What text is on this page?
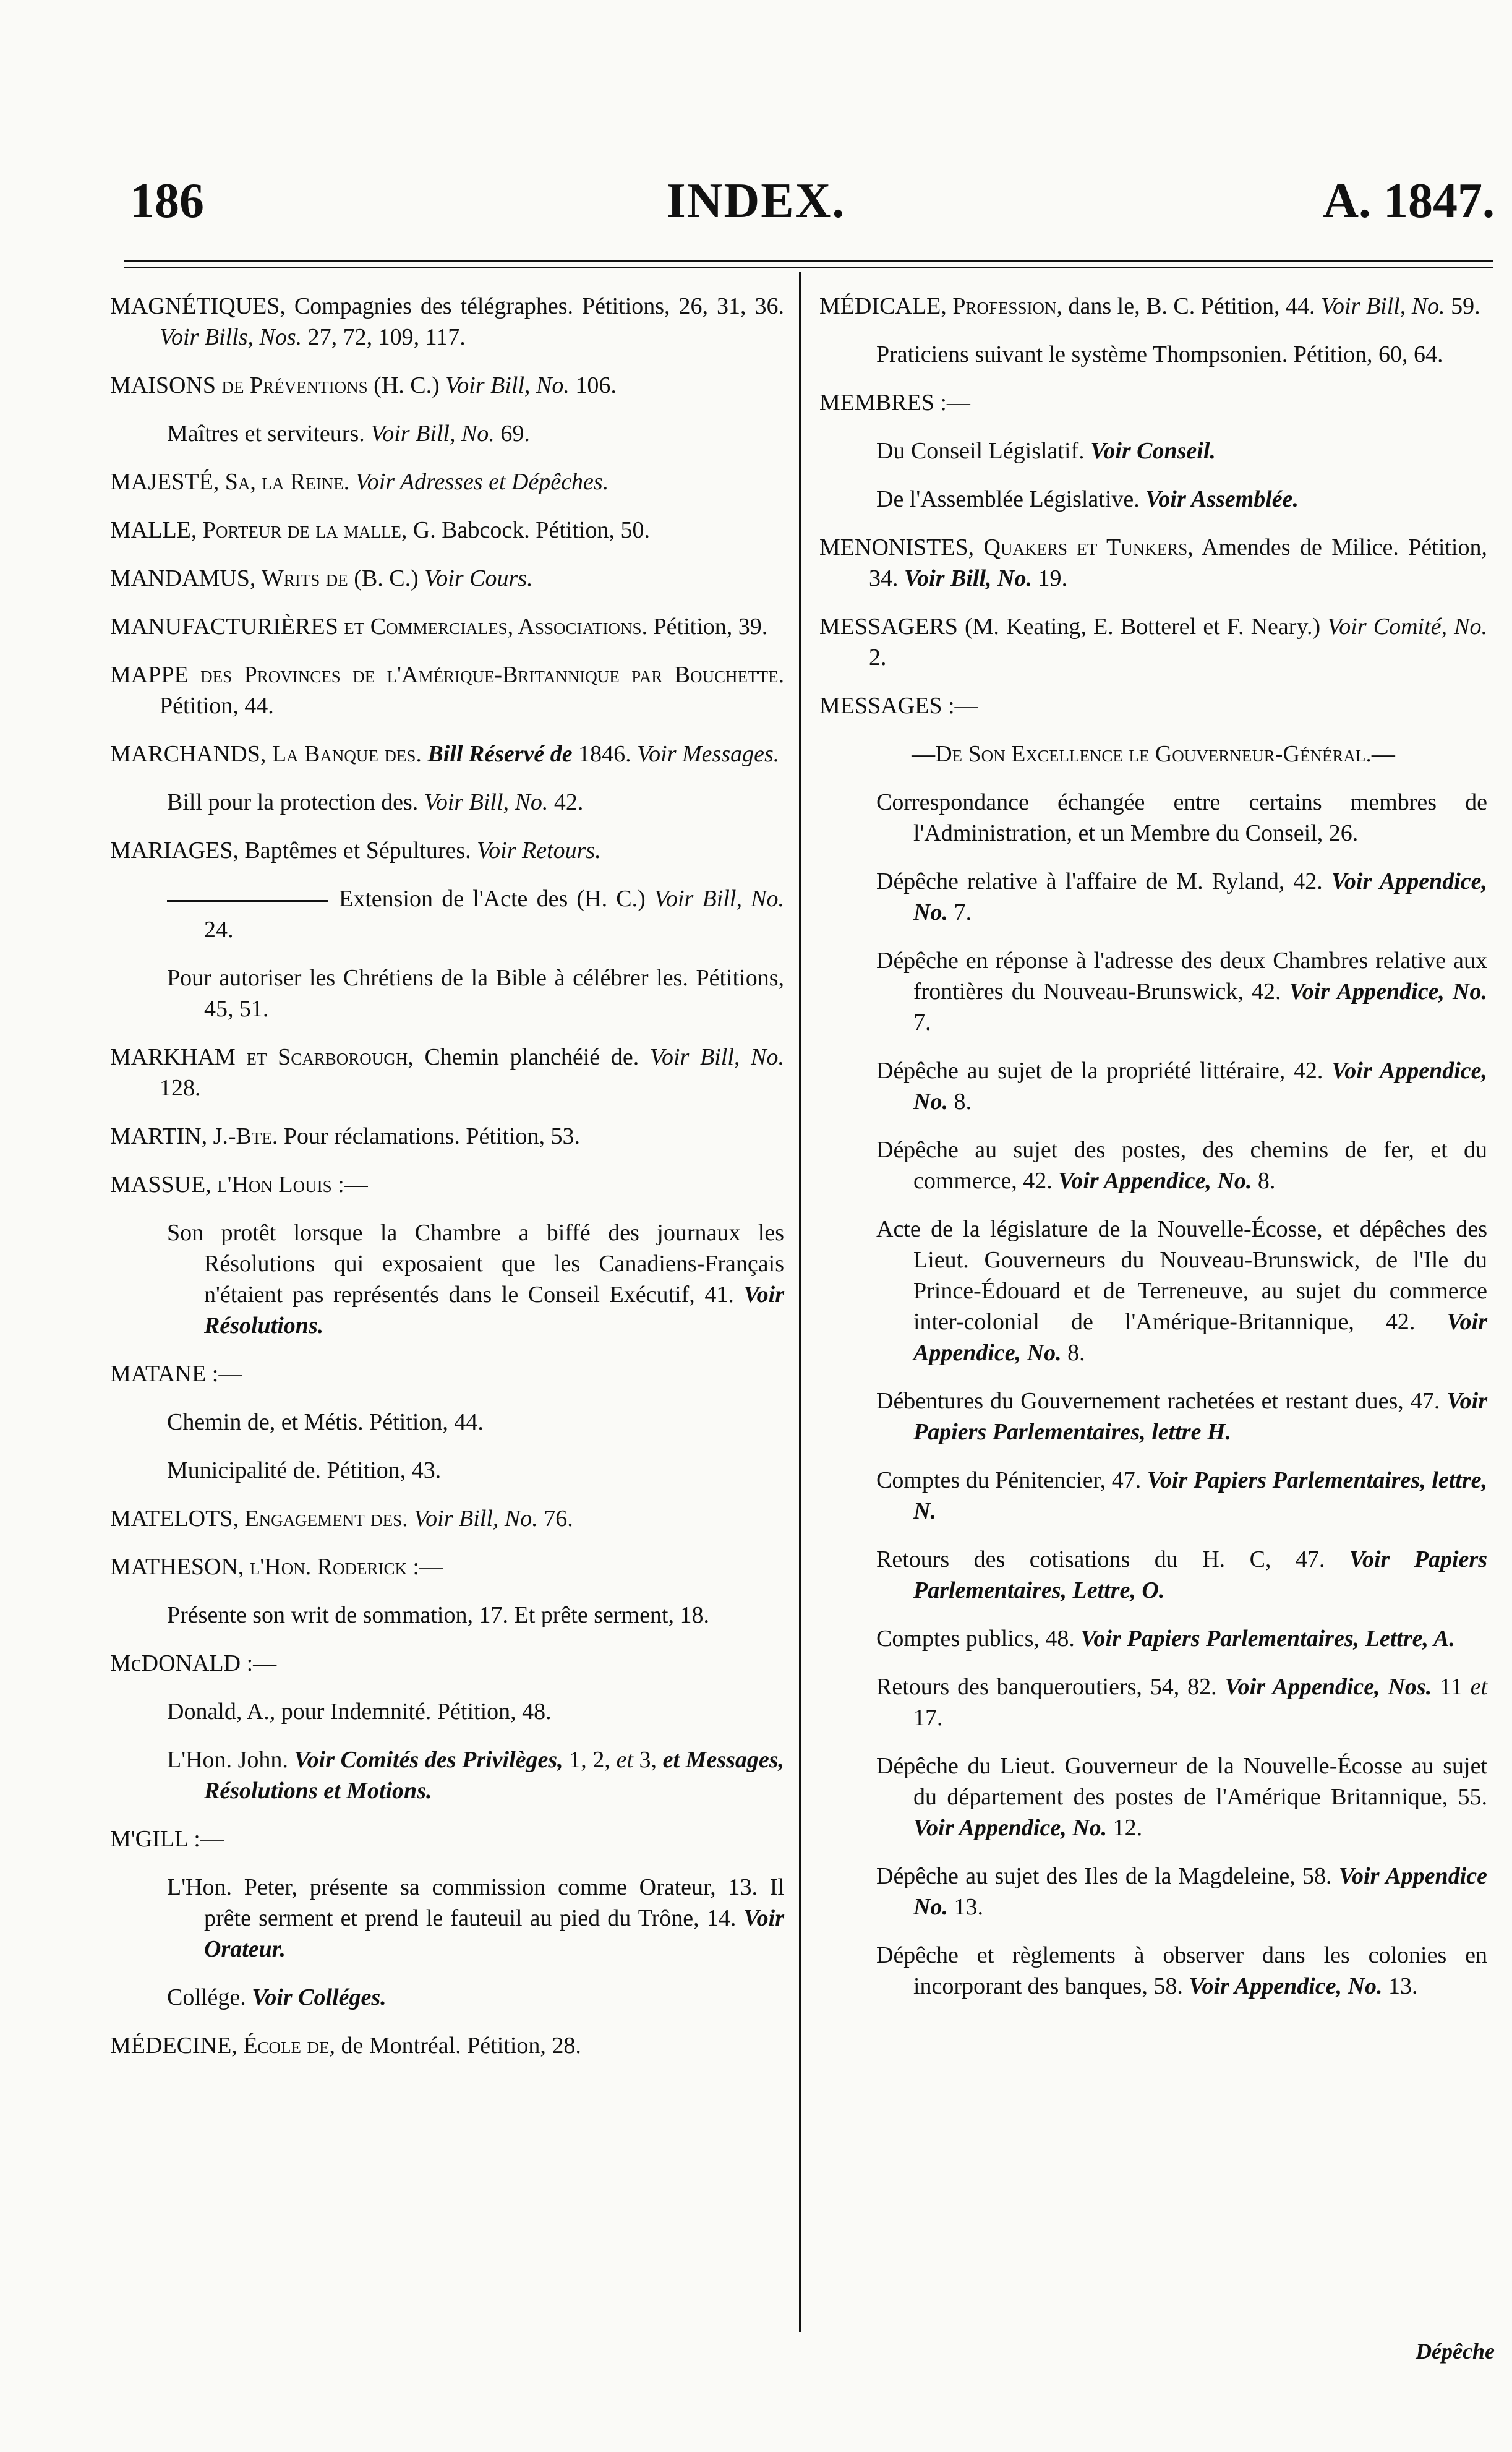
186	INDEX.	A. 1847.

MAGNÉTIQUES, Compagnies des télégraphes. Pétitions, 26, 31, 36. Voir Bills, Nos. 27, 72, 109, 117.

MAISONS de Préventions (H. C.) Voir Bill, No. 106.

Maîtres et serviteurs. Voir Bill, No. 69.

MAJESTÉ, Sa, la Reine. Voir Adresses et Dépêches.

MALLE, Porteur de la malle, G. Babcock. Pétition, 50.

MANDAMUS, Writs de (B. C.) Voir Cours.

MANUFACTURIÈRES et Commerciales, Associations. Pétition, 39.

MAPPE des Provinces de l'Amérique-Britannique par Bouchette. Pétition, 44.

MARCHANDS, La Banque des. Bill Réservé de 1846. Voir Messages.

Bill pour la protection des. Voir Bill, No. 42.

MARIAGES, Baptêmes et Sépultures. Voir Retours.

Extension de l'Acte des (H. C.) Voir Bill, No. 24.

Pour autoriser les Chrétiens de la Bible à célébrer les. Pétitions, 45, 51.

MARKHAM et Scarborough, Chemin planchéié de. Voir Bill, No. 128.

MARTIN, J.-Bte. Pour réclamations. Pétition, 53.

MASSUE, l'Hon Louis :—

Son protêt lorsque la Chambre a biffé des journaux les Résolutions qui exposaient que les Canadiens-Français n'étaient pas représentés dans le Conseil Exécutif, 41. Voir Résolutions.

MATANE :—

Chemin de, et Métis. Pétition, 44.

Municipalité de. Pétition, 43.

MATELOTS, Engagement des. Voir Bill, No. 76.

MATHESON, l'Hon. Roderick :—

Présente son writ de sommation, 17. Et prête serment, 18.

McDONALD :—

Donald, A., pour Indemnité. Pétition, 48.

L'Hon. John. Voir Comités des Privilèges, 1, 2, et 3, et Messages, Résolutions et Motions.

M'GILL :—

L'Hon. Peter, présente sa commission comme Orateur, 13. Il prête serment et prend le fauteuil au pied du Trône, 14. Voir Orateur.

Collége. Voir Colléges.

MÉDECINE, École de, de Montréal. Pétition, 28.

MÉDICALE, Profession, dans le, B. C. Pétition, 44. Voir Bill, No. 59.

Praticiens suivant le système Thompsonien. Pétition, 60, 64.

MEMBRES :—

Du Conseil Législatif. Voir Conseil.

De l'Assemblée Législative. Voir Assemblée.

MENONISTES, Quakers et Tunkers, Amendes de Milice. Pétition, 34. Voir Bill, No. 19.

MESSAGERS (M. Keating, E. Botterel et F. Neary.) Voir Comité, No. 2.

MESSAGES :—

—De Son Excellence le Gouverneur-Général.—

Correspondance échangée entre certains membres de l'Administration, et un Membre du Conseil, 26.

Dépêche relative à l'affaire de M. Ryland, 42. Voir Appendice, No. 7.

Dépêche en réponse à l'adresse des deux Chambres relative aux frontières du Nouveau-Brunswick, 42. Voir Appendice, No. 7.

Dépêche au sujet de la propriété littéraire, 42. Voir Appendice, No. 8.

Dépêche au sujet des postes, des chemins de fer, et du commerce, 42. Voir Appendice, No. 8.

Acte de la législature de la Nouvelle-Écosse, et dépêches des Lieut. Gouverneurs du Nouveau-Brunswick, de l'Ile du Prince-Édouard et de Terreneuve, au sujet du commerce inter-colonial de l'Amérique-Britannique, 42. Voir Appendice, No. 8.

Débentures du Gouvernement rachetées et restant dues, 47. Voir Papiers Parlementaires, lettre H.

Comptes du Pénitencier, 47. Voir Papiers Parlementaires, lettre, N.

Retours des cotisations du H. C, 47. Voir Papiers Parlementaires, Lettre, O.

Comptes publics, 48. Voir Papiers Parlementaires, Lettre, A.

Retours des banqueroutiers, 54, 82. Voir Appendice, Nos. 11 et 17.

Dépêche du Lieut. Gouverneur de la Nouvelle-Écosse au sujet du département des postes de l'Amérique Britannique, 55. Voir Appendice, No. 12.

Dépêche au sujet des Iles de la Magdeleine, 58. Voir Appendice No. 13.

Dépêche et règlements à observer dans les colonies en incorporant des banques, 58. Voir Appendice, No. 13.

Dépêche
